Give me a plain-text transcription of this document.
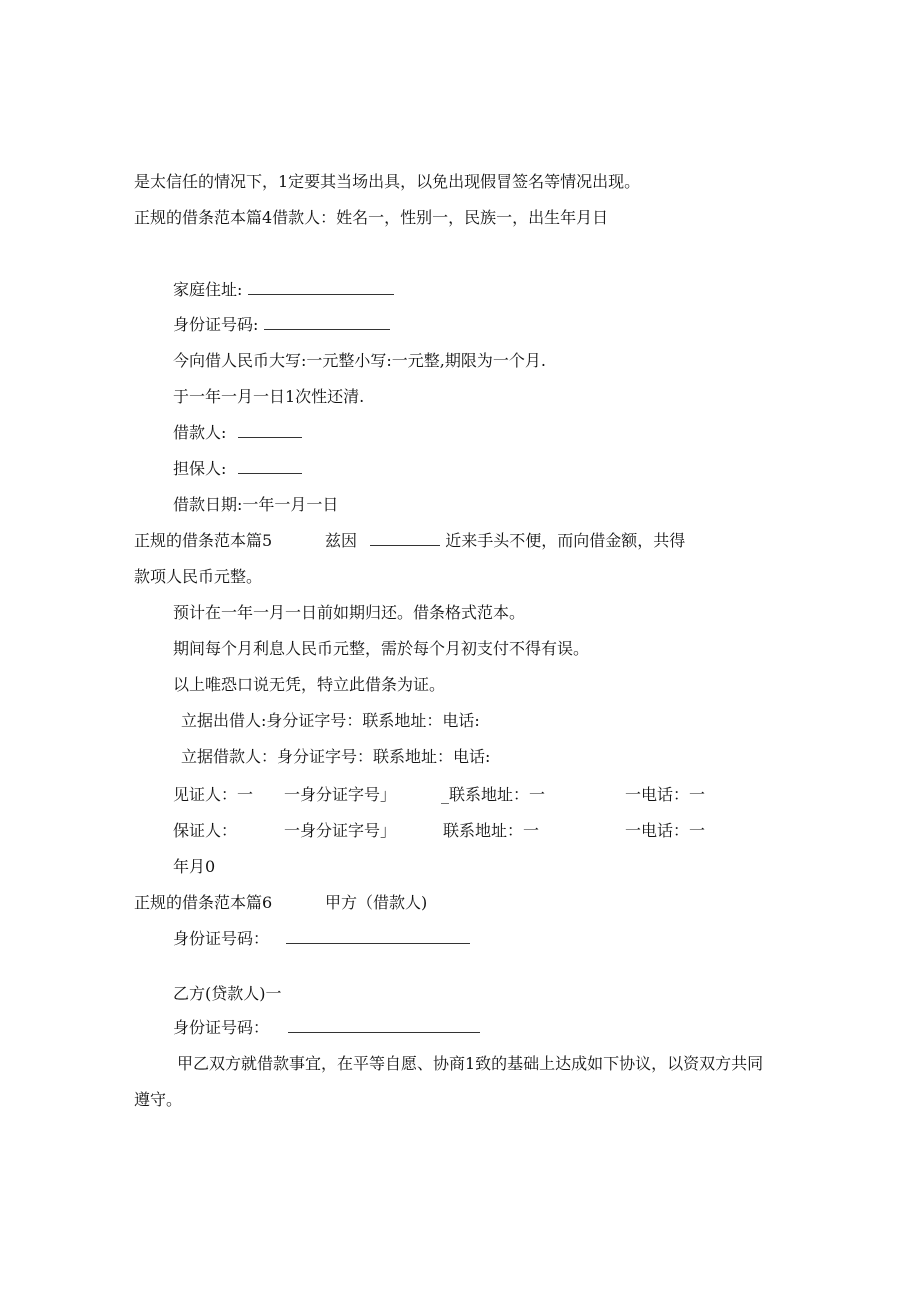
是太信任的情况下，1定要其当场出具，以免出现假冒签名等情况出现。
正规的借条范本篇4借款人：姓名一，性别一，民族一，出生年月日
家庭住址:
身份证号码:
今向借人民币大写:一元整小写:一元整,期限为一个月.
于一年一月一日1次性还清.
借款人:
担保人:
借款日期:一年一月一日
正规的借条范本篇5	兹因	近来手头不便，而向借金额，共得
款项人民币元整。
预计在一年一月一日前如期归还。借条格式范本。
期间每个月利息人民币元整，需於每个月初支付不得有误。
以上唯恐口说无凭，特立此借条为证。
立据出借人:身分证字号：联系地址：电话:
立据借款人：身分证字号：联系地址：电话:
见证人：一 一身分证字号」	_联系地址：一	一电话：一
保证人：	一身分证字号」	联系地址：一	一电话：一
年月0
正规的借条范本篇6	甲方（借款人)
身份证号码：
乙方(贷款人)一
身份证号码：
甲乙双方就借款事宜，在平等自愿、协商1致的基础上达成如下协议，以资双方共同
遵守。
